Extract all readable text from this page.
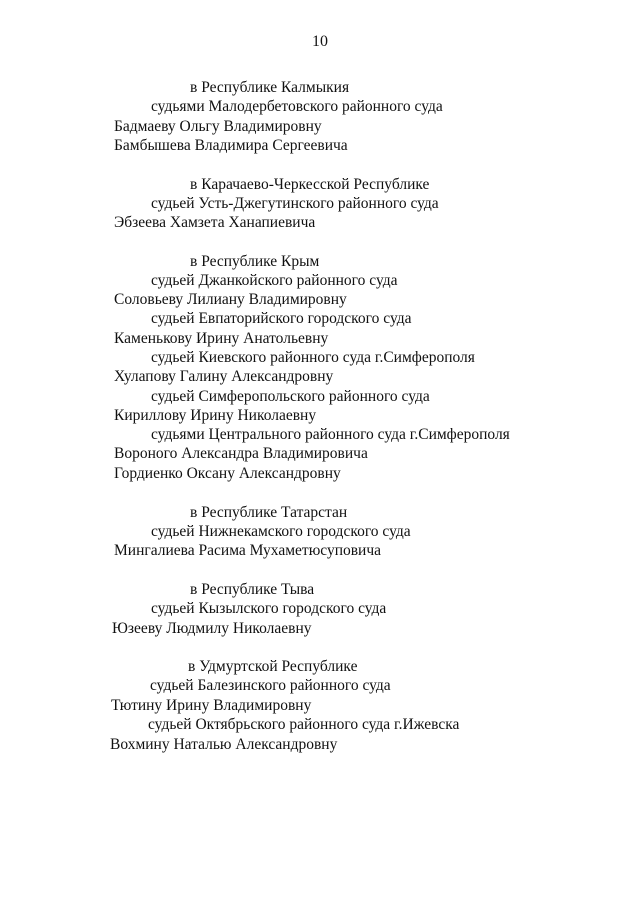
10
в Республике Калмыкия
судьями Малодербетовского районного суда
Бадмаеву Ольгу Владимировну
Бамбышева Владимира Сергеевича
в Карачаево-Черкесской Республике
судьей Усть-Джегутинского районного суда
Эбзеева Хамзета Ханапиевича
в Республике Крым
судьей Джанкойского районного суда
Соловьеву Лилиану Владимировну
судьей Евпаторийского городского суда
Каменькову Ирину Анатольевну
судьей Киевского районного суда г.Симферополя
Хулапову Галину Александровну
судьей Симферопольского районного суда
Кириллову Ирину Николаевну
судьями Центрального районного суда г.Симферополя
Вороного Александра Владимировича
Гордиенко Оксану Александровну
в Республике Татарстан
судьей Нижнекамского городского суда
Мингалиева Расима Мухаметюсуповича
в Республике Тыва
судьей Кызылского городского суда
Юзееву Людмилу Николаевну
в Удмуртской Республике
судьей Балезинского районного суда
Тютину Ирину Владимировну
судьей Октябрьского районного суда г.Ижевска
Вохмину Наталью Александровну
